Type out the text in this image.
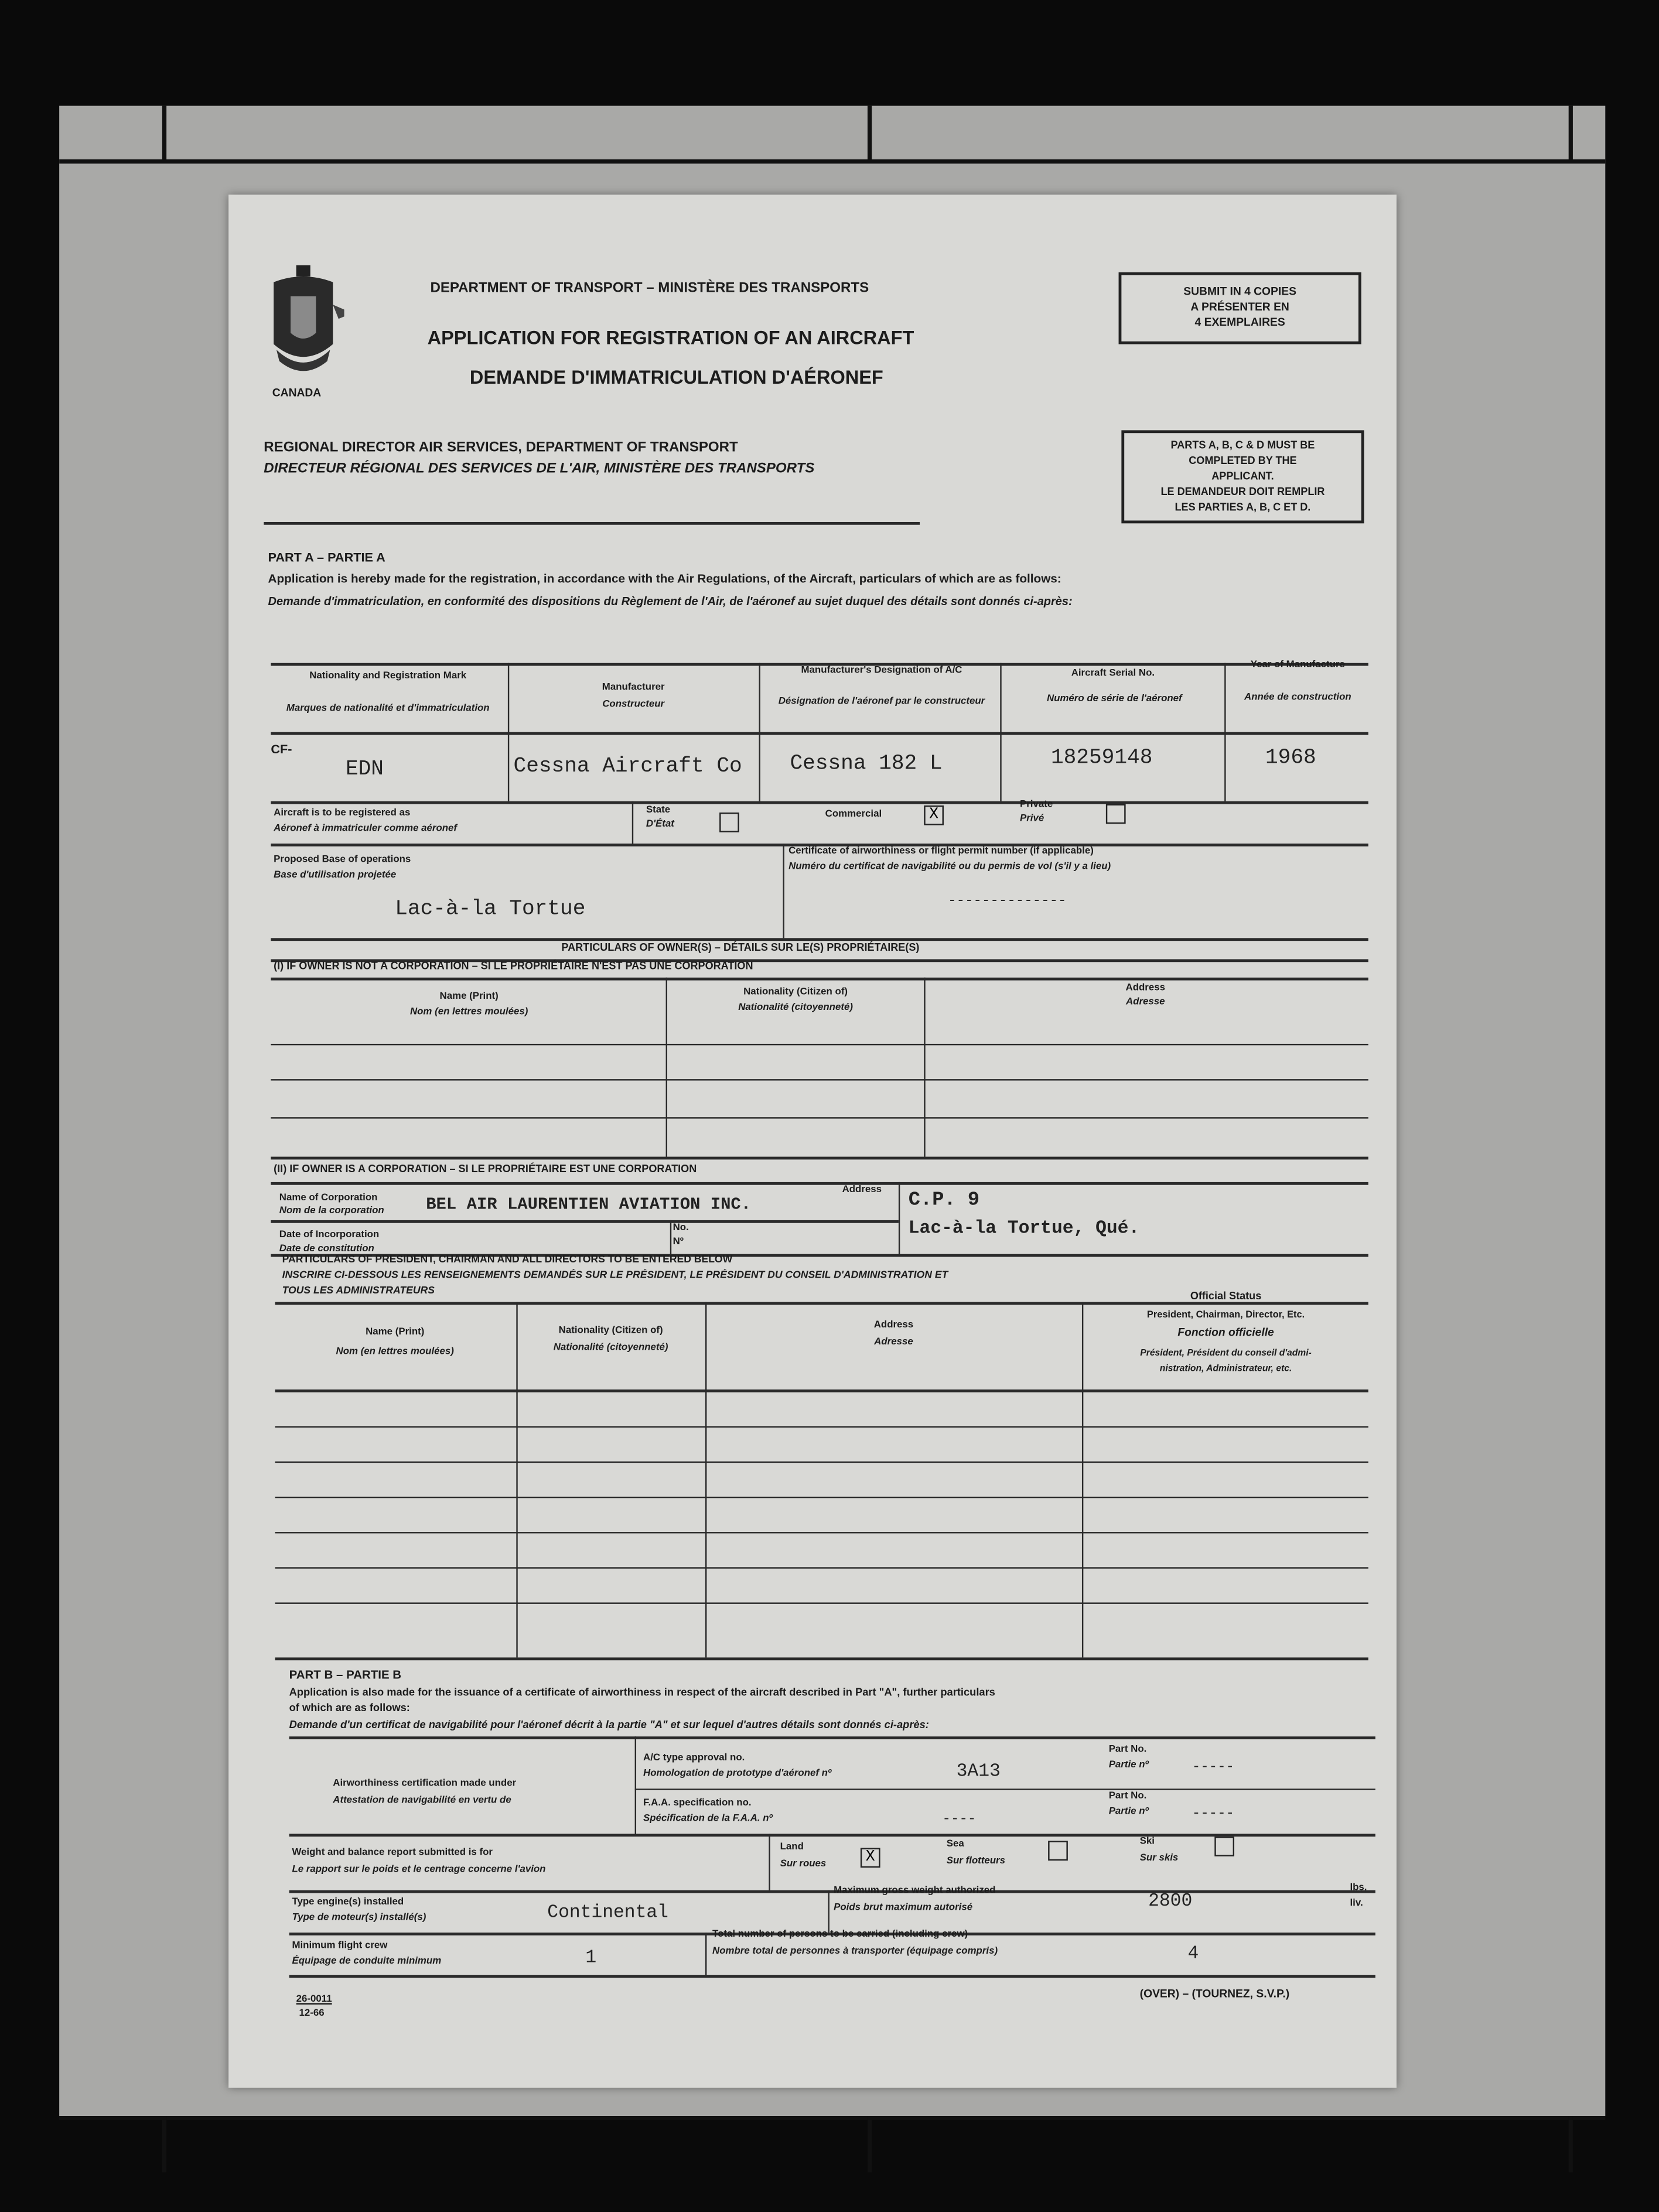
CANADA
DEPARTMENT OF TRANSPORT – MINISTÈRE DES TRANSPORTS
APPLICATION FOR REGISTRATION OF AN AIRCRAFT
DEMANDE D'IMMATRICULATION D'AÉRONEF
SUBMIT IN 4 COPIES
A PRÉSENTER EN
4 EXEMPLAIRES
REGIONAL DIRECTOR AIR SERVICES, DEPARTMENT OF TRANSPORT
DIRECTEUR RÉGIONAL DES SERVICES DE L'AIR, MINISTÈRE DES TRANSPORTS
PARTS A, B, C & D MUST BE
COMPLETED BY THE
APPLICANT.
LE DEMANDEUR DOIT REMPLIR
LES PARTIES A, B, C ET D.
PART A – PARTIE A
Application is hereby made for the registration, in accordance with the Air Regulations, of the Aircraft, particulars of which are as follows:
Demande d'immatriculation, en conformité des dispositions du Règlement de l'Air, de l'aéronef au sujet duquel des détails sont donnés ci-après:
Nationality and Registration Mark
Marques de nationalité et d'immatriculation
Manufacturer
Constructeur
Manufacturer's Designation of A/C
Désignation de l'aéronef par le constructeur
Aircraft Serial No.
Numéro de série de l'aéronef
Year of Manufacture
Année de construction
CF-
EDN	Cessna Aircraft Co	Cessna 182 L	18259148	1968
Aircraft is to be registered as
Aéronef à immatriculer comme aéronef
State
D'État
Commercial	X
Private
Privé
Proposed Base of operations
Base d'utilisation projetée
Lac-à-la Tortue
Certificate of airworthiness or flight permit number (if applicable)
Numéro du certificat de navigabilité ou du permis de vol (s'il y a lieu)
--------------
PARTICULARS OF OWNER(S) – DÉTAILS SUR LE(S) PROPRIÉTAIRE(S)
(I) IF OWNER IS NOT A CORPORATION – SI LE PROPRIÉTAIRE N'EST PAS UNE CORPORATION
Name (Print)
Nom (en lettres moulées)
Nationality (Citizen of)
Nationalité (citoyenneté)
Address
Adresse
(II) IF OWNER IS A CORPORATION – SI LE PROPRIÉTAIRE EST UNE CORPORATION
Name of Corporation
Nom de la corporation	BEL AIR LAURENTIEN AVIATION INC.
Address	C.P. 9
Lac-à-la Tortue, Qué.
Date of Incorporation
Date de constitution
No.
Nº
PARTICULARS OF PRESIDENT, CHAIRMAN AND ALL DIRECTORS TO BE ENTERED BELOW
INSCRIRE CI-DESSOUS LES RENSEIGNEMENTS DEMANDÉS SUR LE PRÉSIDENT, LE PRÉSIDENT DU CONSEIL D'ADMINISTRATION ET
TOUS LES ADMINISTRATEURS
Name (Print)
Nom (en lettres moulées)
Nationality (Citizen of)
Nationalité (citoyenneté)
Address
Adresse
Official Status
President, Chairman, Director, Etc.
Fonction officielle
Président, Président du conseil d'admi-
nistration, Administrateur, etc.
PART B – PARTIE B
Application is also made for the issuance of a certificate of airworthiness in respect of the aircraft described in Part "A", further particulars
of which are as follows:
Demande d'un certificat de navigabilité pour l'aéronef décrit à la partie "A" et sur lequel d'autres détails sont donnés ci-après:
Airworthiness certification made under
Attestation de navigabilité en vertu de
A/C type approval no.
Homologation de prototype d'aéronef nº	3A13
Part No.
Partie nº	-----
F.A.A. specification no.
Spécification de la F.A.A. nº	----
Part No.
Partie nº	-----
Weight and balance report submitted is for
Le rapport sur le poids et le centrage concerne l'avion
Land
Sur roues	X
Sea
Sur flotteurs
Ski
Sur skis
Type engine(s) installed
Type de moteur(s) installé(s)	Continental
Maximum gross weight authorized
Poids brut maximum autorisé	2800
lbs.
liv.
Minimum flight crew
Équipage de conduite minimum	1
Total number of persons to be carried (including crew)
Nombre total de personnes à transporter (équipage compris)	4
26-0011
12-66
(OVER) – (TOURNEZ, S.V.P.)
